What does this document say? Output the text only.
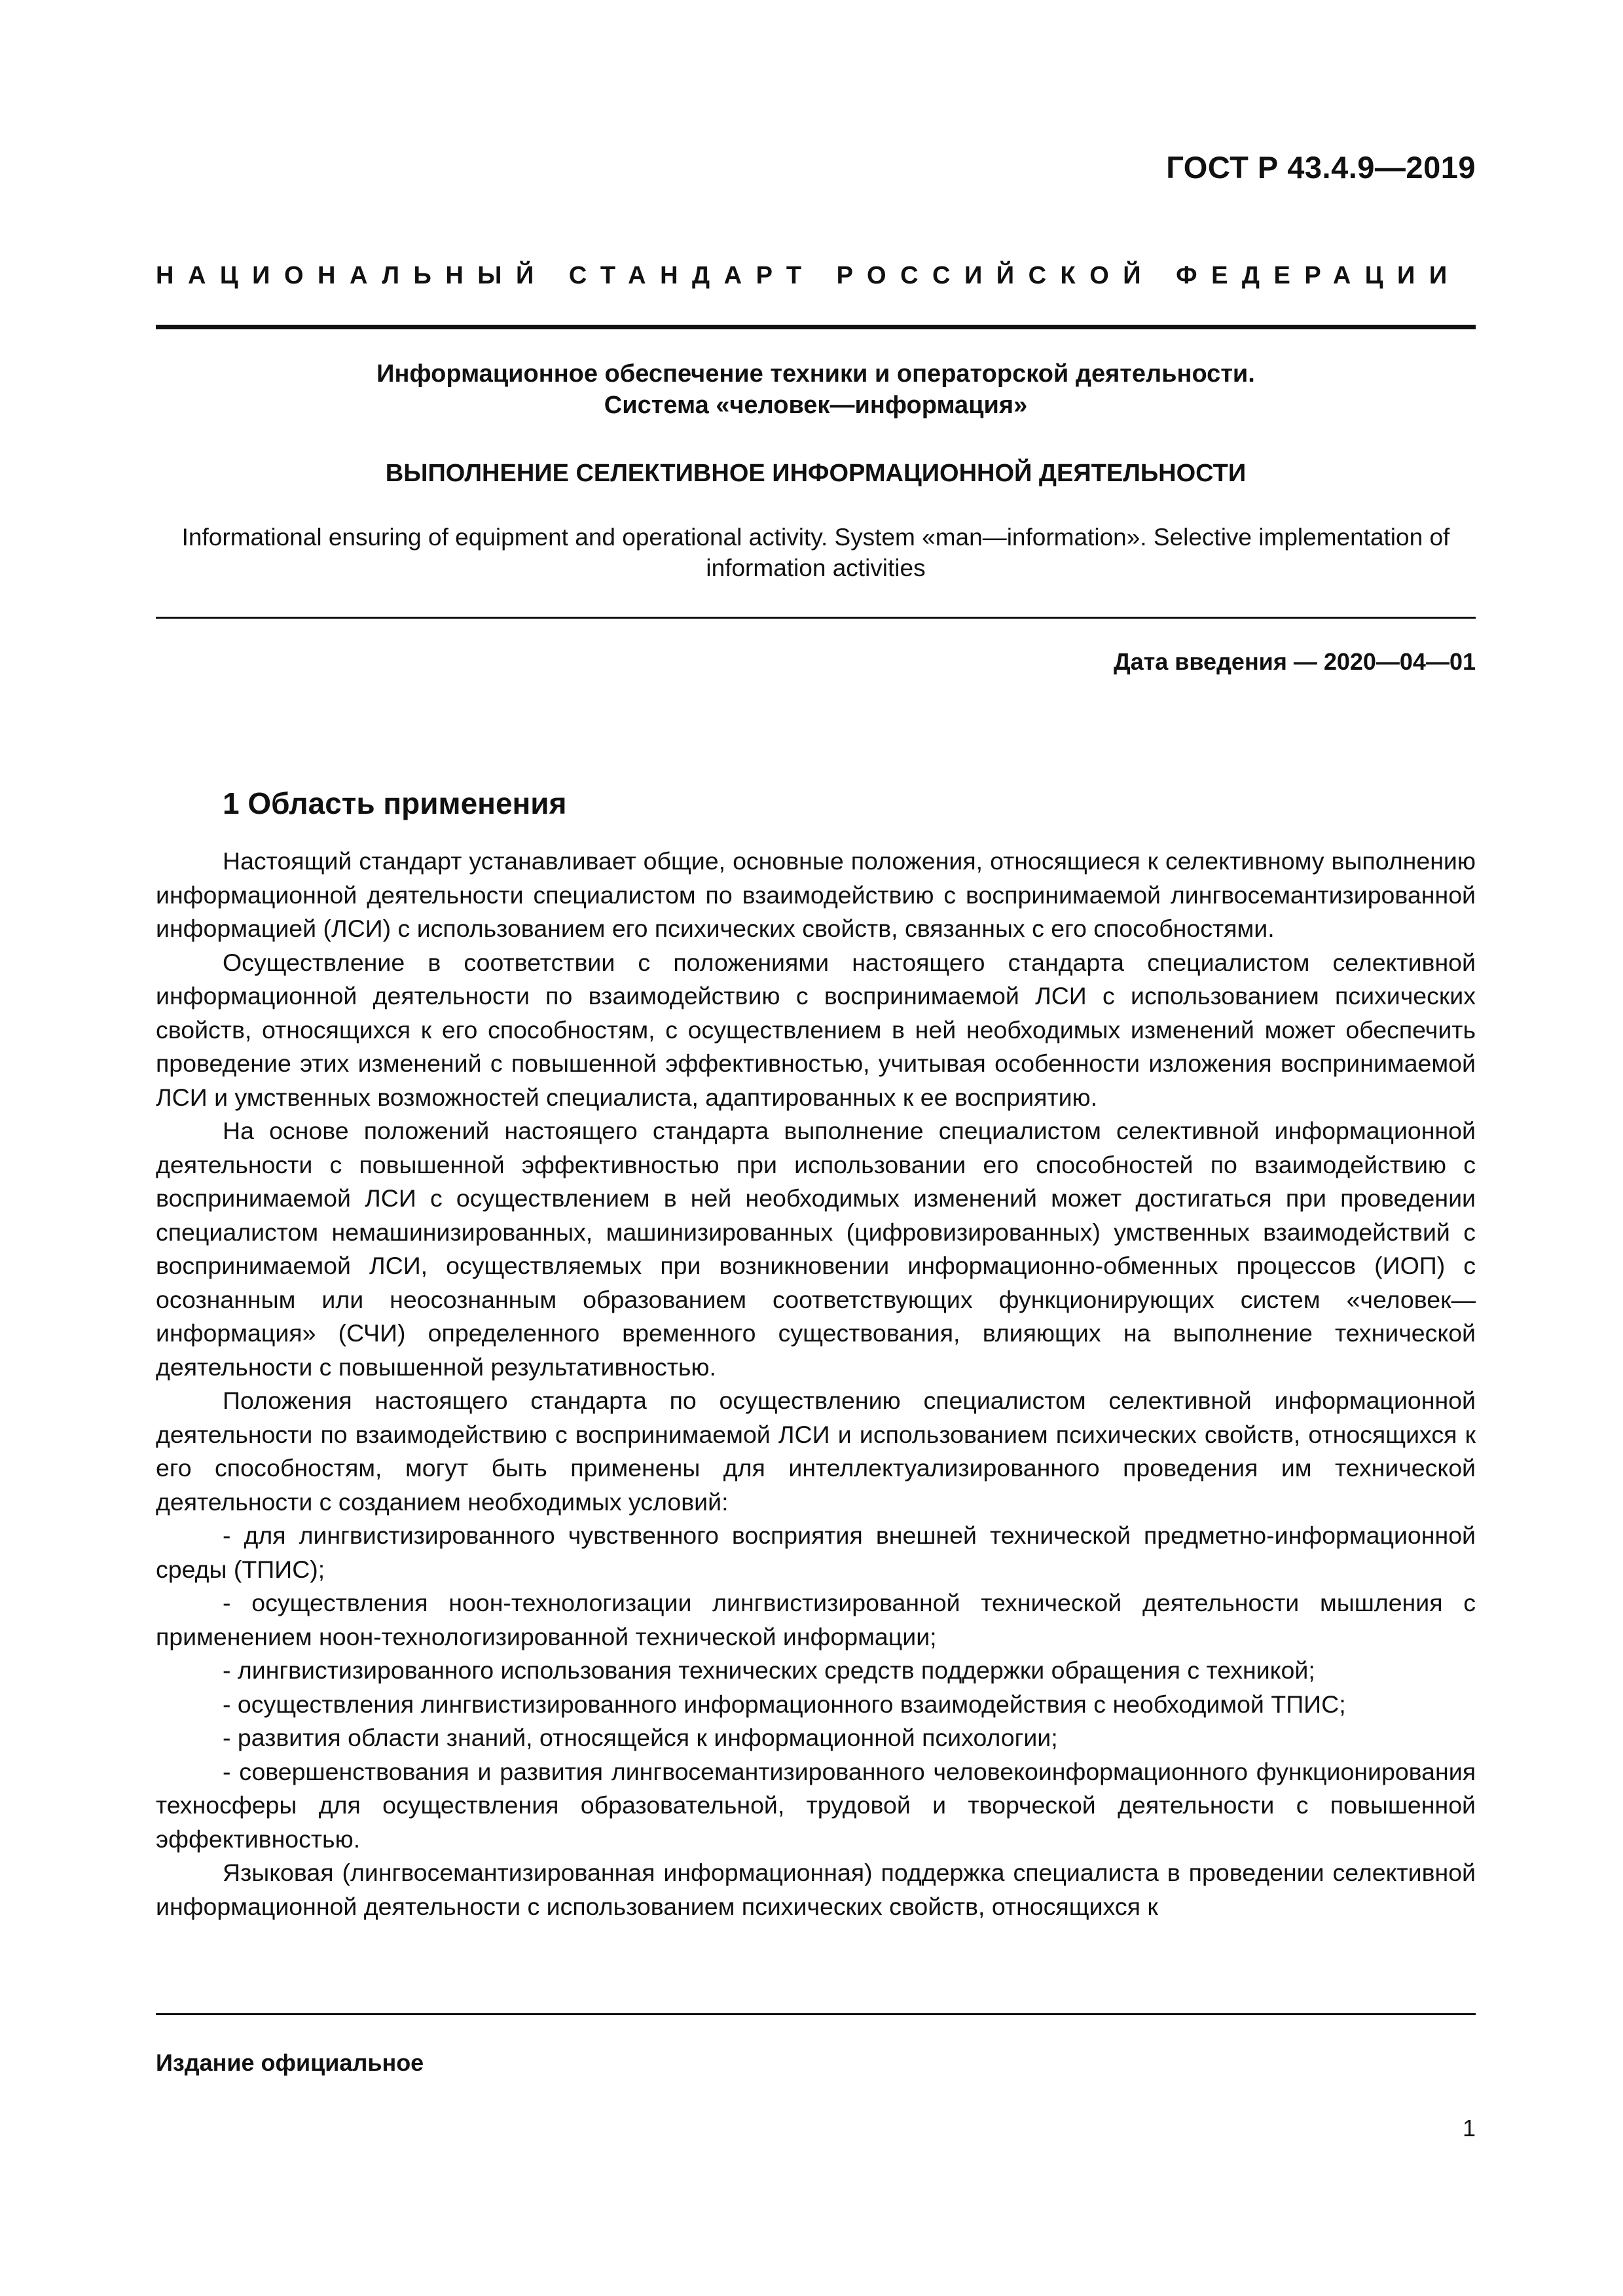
ГОСТ Р 43.4.9—2019
НАЦИОНАЛЬНЫЙ СТАНДАРТ РОССИЙСКОЙ ФЕДЕРАЦИИ
Информационное обеспечение техники и операторской деятельности.
Система «человек—информация»
ВЫПОЛНЕНИЕ СЕЛЕКТИВНОЕ ИНФОРМАЦИОННОЙ ДЕЯТЕЛЬНОСТИ
Informational ensuring of equipment and operational activity. System «man—information». Selective implementation of
information activities
Дата введения — 2020—04—01
1 Область применения

Настоящий стандарт устанавливает общие, основные положения, относящиеся к селективному выполнению информационной деятельности специалистом по взаимодействию с воспринимаемой лингвосемантизированной информацией (ЛСИ) с использованием его психических свойств, связанных с его способностями.

Осуществление в соответствии с положениями настоящего стандарта специалистом селективной информационной деятельности по взаимодействию с воспринимаемой ЛСИ с использованием психических свойств, относящихся к его способностям, с осуществлением в ней необходимых изменений может обеспечить проведение этих изменений с повышенной эффективностью, учитывая особенности изложения воспринимаемой ЛСИ и умственных возможностей специалиста, адаптированных к ее восприятию.

На основе положений настоящего стандарта выполнение специалистом селективной информационной деятельности с повышенной эффективностью при использовании его способностей по взаимодействию с воспринимаемой ЛСИ с осуществлением в ней необходимых изменений может достигаться при проведении специалистом немашинизированных, машинизированных (цифровизированных) умственных взаимодействий с воспринимаемой ЛСИ, осуществляемых при возникновении информационно-обменных процессов (ИОП) с осознанным или неосознанным образованием соответствующих функционирующих систем «человек—информация» (СЧИ) определенного временного существования, влияющих на выполнение технической деятельности с повышенной результативностью.

Положения настоящего стандарта по осуществлению специалистом селективной информационной деятельности по взаимодействию с воспринимаемой ЛСИ и использованием психических свойств, относящихся к его способностям, могут быть применены для интеллектуализированного проведения им технической деятельности с созданием необходимых условий:

- для лингвистизированного чувственного восприятия внешней технической предметно-информационной среды (ТПИС);

- осуществления ноон-технологизации лингвистизированной технической деятельности мышления с применением ноон-технологизированной технической информации;

- лингвистизированного использования технических средств поддержки обращения с техникой;

- осуществления лингвистизированного информационного взаимодействия с необходимой ТПИС;

- развития области знаний, относящейся к информационной психологии;

- совершенствования и развития лингвосемантизированного человекоинформационного функционирования техносферы для осуществления образовательной, трудовой и творческой деятельности с повышенной эффективностью.

Языковая (лингвосемантизированная информационная) поддержка специалиста в проведении селективной информационной деятельности с использованием психических свойств, относящихся к

Издание официальное
1
